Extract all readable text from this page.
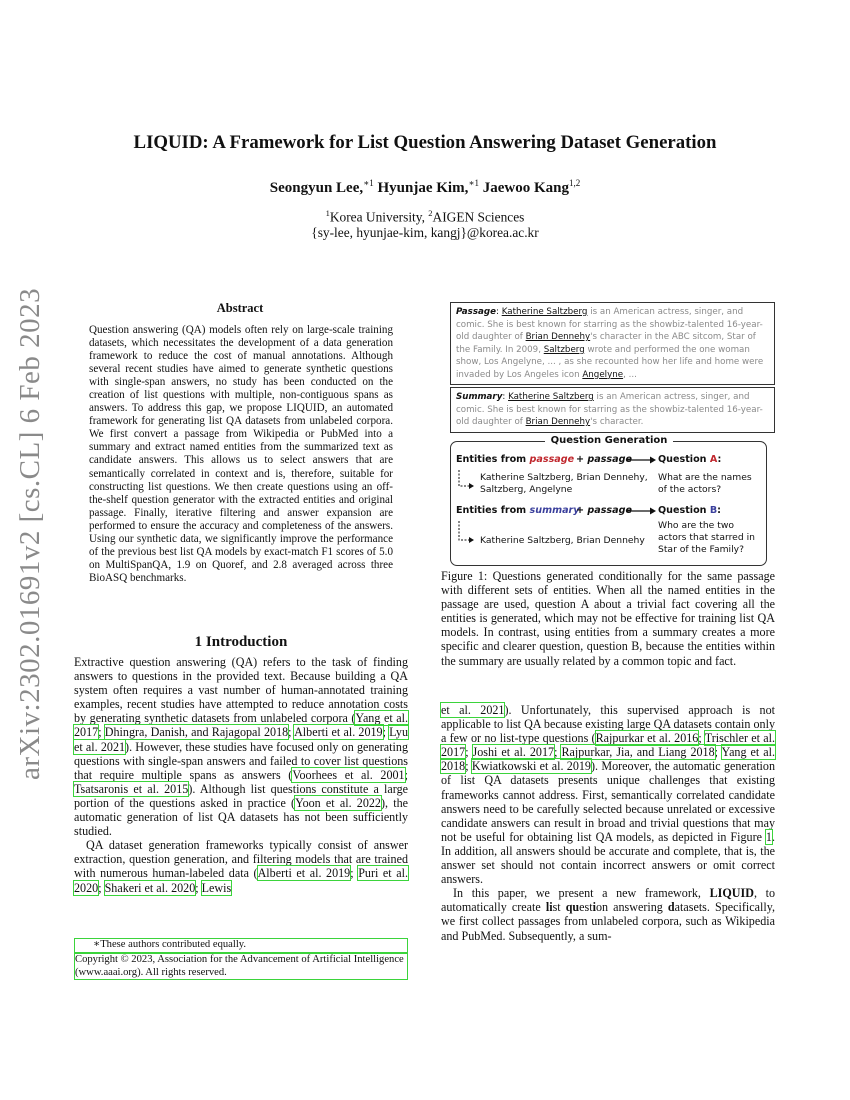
arXiv:2302.01691v2 [cs.CL] 6 Feb 2023
LIQUID: A Framework for List Question Answering Dataset Generation
Seongyun Lee,$^{∗1}$ Hyunjae Kim,$^{∗1}$ Jaewoo Kang$^{1,2}$
$^1$Korea University, $^2$AIGEN Sciences
{sy-lee, hyunjae-kim, kangj}@korea.ac.kr
Abstract
Question answering (QA) models often rely on large-scale training datasets, which necessitates the development of a data generation framework to reduce the cost of manual annotations. Although several recent studies have aimed to generate synthetic questions with single-span answers, no study has been conducted on the creation of list questions with multiple, non-contiguous spans as answers. To address this gap, we propose LIQUID, an automated framework for generating list QA datasets from unlabeled corpora. We first convert a passage from Wikipedia or PubMed into a summary and extract named entities from the summarized text as candidate answers. This allows us to select answers that are semantically correlated in context and is, therefore, suitable for constructing list questions. We then create questions using an off-the-shelf question generator with the extracted entities and original passage. Finally, iterative filtering and answer expansion are performed to ensure the accuracy and completeness of the answers. Using our synthetic data, we significantly improve the performance of the previous best list QA models by exact-match F1 scores of 5.0 on MultiSpanQA, 1.9 on Quoref, and 2.8 averaged across three BioASQ benchmarks.
1 Introduction

Extractive question answering (QA) refers to the task of finding answers to questions in the provided text. Because building a QA system often requires a vast number of human-annotated training examples, recent studies have attempted to reduce annotation costs by generating synthetic datasets from unlabeled corpora (Yang et al. 2017; Dhingra, Danish, and Rajagopal 2018; Alberti et al. 2019; Lyu et al. 2021). However, these studies have focused only on generating questions with single-span answers and failed to cover list questions that require multiple spans as answers (Voorhees et al. 2001; Tsatsaronis et al. 2015). Although list questions constitute a large portion of the questions asked in practice (Yoon et al. 2022), the automatic generation of list QA datasets has not been sufficiently studied.

QA dataset generation frameworks typically consist of answer extraction, question generation, and filtering models that are trained with numerous human-labeled data (Alberti et al. 2019; Puri et al. 2020; Shakeri et al. 2020; Lewis

∗These authors contributed equally.
Copyright © 2023, Association for the Advancement of Artificial Intelligence (www.aaai.org). All rights reserved.
Passage: Katherine Saltzberg is an American actress, singer, and comic. She is best known for starring as the showbiz-talented 16-year-old daughter of Brian Dennehy's character in the ABC sitcom, Star of the Family. In 2009, Saltzberg wrote and performed the one woman show, Los Angelyne, ... , as she recounted how her life and home were invaded by Los Angeles icon Angelyne, ...
Summary: Katherine Saltzberg is an American actress, singer, and comic. She is best known for starring as the showbiz-talented 16-year-old daughter of Brian Dennehy's character.
Question Generation
Entities from passage + passage	Question A:
Katherine Saltzberg, Brian Dennehy, Saltzberg, Angelyne
What are the names of the actors?
Entities from summary
+ passage	Question B:
Katherine Saltzberg, Brian Dennehy
Who are the two actors that starred in Star of the Family?
Figure 1: Questions generated conditionally for the same passage with different sets of entities. When all the named entities in the passage are used, question A about a trivial fact covering all the entities is generated, which may not be effective for training list QA models. In contrast, using entities from a summary creates a more specific and clearer question, question B, because the entities within the summary are usually related by a common topic and fact.

et al. 2021). Unfortunately, this supervised approach is not applicable to list QA because existing large QA datasets contain only a few or no list-type questions (Rajpurkar et al. 2016; Trischler et al. 2017; Joshi et al. 2017; Rajpurkar, Jia, and Liang 2018; Yang et al. 2018; Kwiatkowski et al. 2019). Moreover, the automatic generation of list QA datasets presents unique challenges that existing frameworks cannot address. First, semantically correlated candidate answers need to be carefully selected because unrelated or excessive candidate answers can result in broad and trivial questions that may not be useful for obtaining list QA models, as depicted in Figure 1. In addition, all answers should be accurate and complete, that is, the answer set should not contain incorrect answers or omit correct answers.

In this paper, we present a new framework, LIQUID, to automatically create list question answering datasets. Specifically, we first collect passages from unlabeled corpora, such as Wikipedia and PubMed. Subsequently, a sum-
